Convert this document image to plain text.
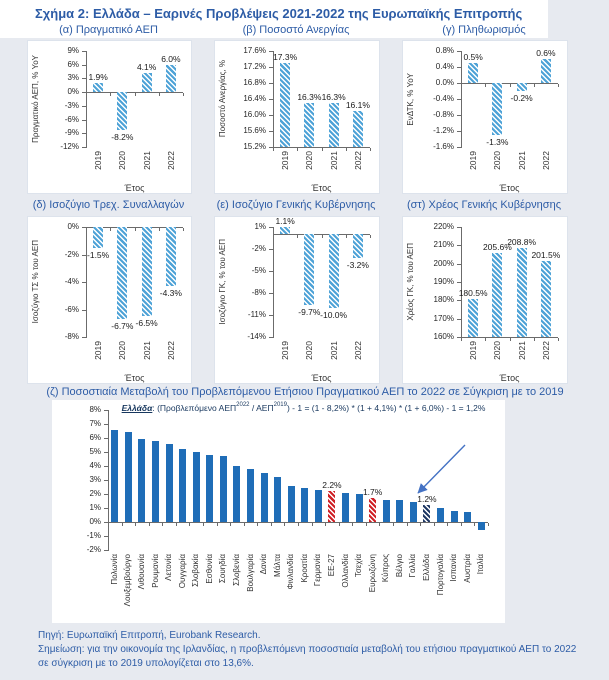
Σχήμα 2: Ελλάδα – Εαρινές Προβλέψεις 2021-2022 της Ευρωπαϊκής Επιτροπής
(α) Πραγματικό ΑΕΠ	(β) Ποσοστό Ανεργίας	(γ) Πληθωρισμός
9%
6%
3%
0%
-3%
-6%
-9%
-12%
1.9%
2019
-8.2%
2020
4.1%
2021
6.0%
2022
Πραγματικό ΑΕΠ, % YoY
Έτος
17.6%
17.2%
16.8%
16.4%
16.0%
15.6%
15.2%
17.3%
2019
16.3%
2020
16.3%
2021
16.1%
2022
Ποσοστό Ανεργίας, %
Έτος
0.8%
0.4%
0.0%
-0.4%
-0.8%
-1.2%
-1.6%
0.5%
2019
-1.3%
2020
-0.2%
2021
0.6%
2022
ΕνΔΤΚ, % YoY
Έτος
(δ) Ισοζύγιο Τρεχ. Συναλλαγών	(ε) Ισοζύγιο Γενικής Κυβέρνησης	(στ) Χρέος Γενικής Κυβέρνησης
0%
-2%
-4%
-6%
-8%
-1.5%
2019
-6.7%
2020
-6.5%
2021
-4.3%
2022
Ισοζύγιο ΤΣ % του ΑΕΠ
Έτος
1%
-2%
-5%
-8%
-11%
-14%
1.1%
2019
-9.7%
2020
-10.0%
2021
-3.2%
2022
Ισοζύγιο ΓΚ, % του ΑΕΠ
Έτος
220%
210%
200%
190%
180%
170%
160%
180.5%
2019
205.6%
2020
208.8%
2021
201.5%
2022
Χρέος ΓΚ, % του ΑΕΠ
Έτος
(ζ) Ποσοστιαία Μεταβολή του Προβλεπόμενου Ετήσιου Πραγματικού ΑΕΠ το 2022 σε Σύγκριση με το 2019
Ελλάδα: (Προβλεπόμενο $AE\Pi^{2022} / AE\Pi^{2019}) - 1 = (1 - 8,2\%) * (1 + 4,1\%) * (1 + 6,0\%) - 1 = 1,2\%$
8%
7%
6%
5%
4%
3%
2%
1%
0%
-1%
-2%
Πολωνία Λουξεμβούργο Λιθουανία Ρουμανία Λετονία Ουγγαρία Σλοβακία Εσθονία Σουηδία Σλοβενία Βουλγαρία Δανία Μάλτα Φινλανδία Κροατία Γερμανία
2.2%
ΕΕ-27 Ολλανδία Τσεχία
1.7%
Ευρωζώνη Κύπρος Βέλγιο Γαλλία
1.2%
Ελλάδα Πορτογαλία Ισπανία Αυστρία Ιταλία
Πηγή: Ευρωπαϊκή Επιτροπή, Eurobank Research.
Σημείωση: για την οικονομία της Ιρλανδίας, η προβλεπόμενη ποσοστιαία μεταβολή του ετήσιου πραγματικού ΑΕΠ το 2022 σε σύγκριση με το 2019 υπολογίζεται στο 13,6%.
